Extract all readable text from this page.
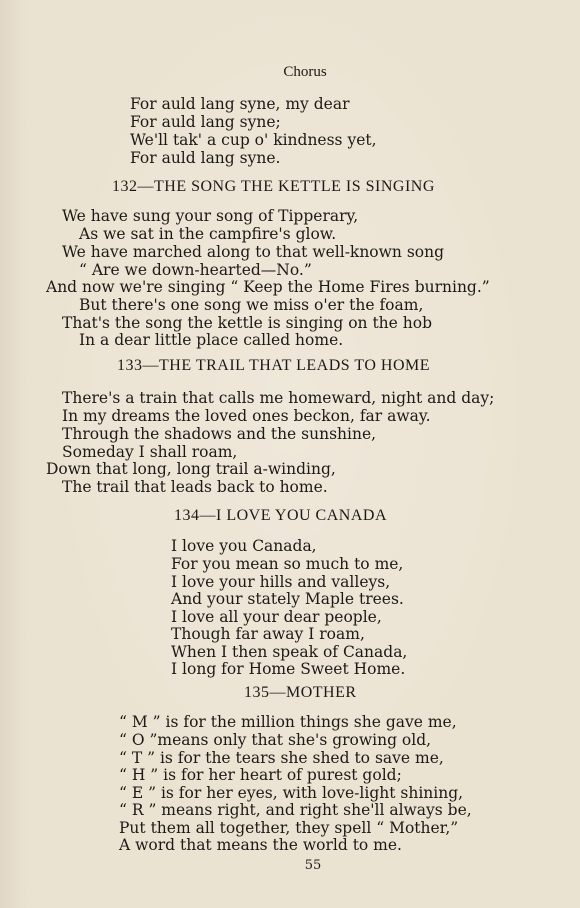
Chorus
For auld lang syne, my dear
For auld lang syne;
We'll tak' a cup o' kindness yet,
For auld lang syne.
132—THE SONG THE KETTLE IS SINGING
We have sung your song of Tipperary,
As we sat in the campfire's glow.
We have marched along to that well-known song
“ Are we down-hearted—No.”
And now we're singing “ Keep the Home Fires burning.”
But there's one song we miss o'er the foam,
That's the song the kettle is singing on the hob
In a dear little place called home.
133—THE TRAIL THAT LEADS TO HOME
There's a train that calls me homeward, night and day;
In my dreams the loved ones beckon, far away.
Through the shadows and the sunshine,
Someday I shall roam,
Down that long, long trail a-winding,
The trail that leads back to home.
134—I LOVE YOU CANADA
I love you Canada,
For you mean so much to me,
I love your hills and valleys,
And your stately Maple trees.
I love all your dear people,
Though far away I roam,
When I then speak of Canada,
I long for Home Sweet Home.
135—MOTHER
“ M ” is for the million things she gave me,
“ O ”means only that she's growing old,
“ T ” is for the tears she shed to save me,
“ H ” is for her heart of purest gold;
“ E ” is for her eyes, with love-light shining,
“ R ” means right, and right she'll always be,
Put them all together, they spell “ Mother,”
A word that means the world to me.
55
